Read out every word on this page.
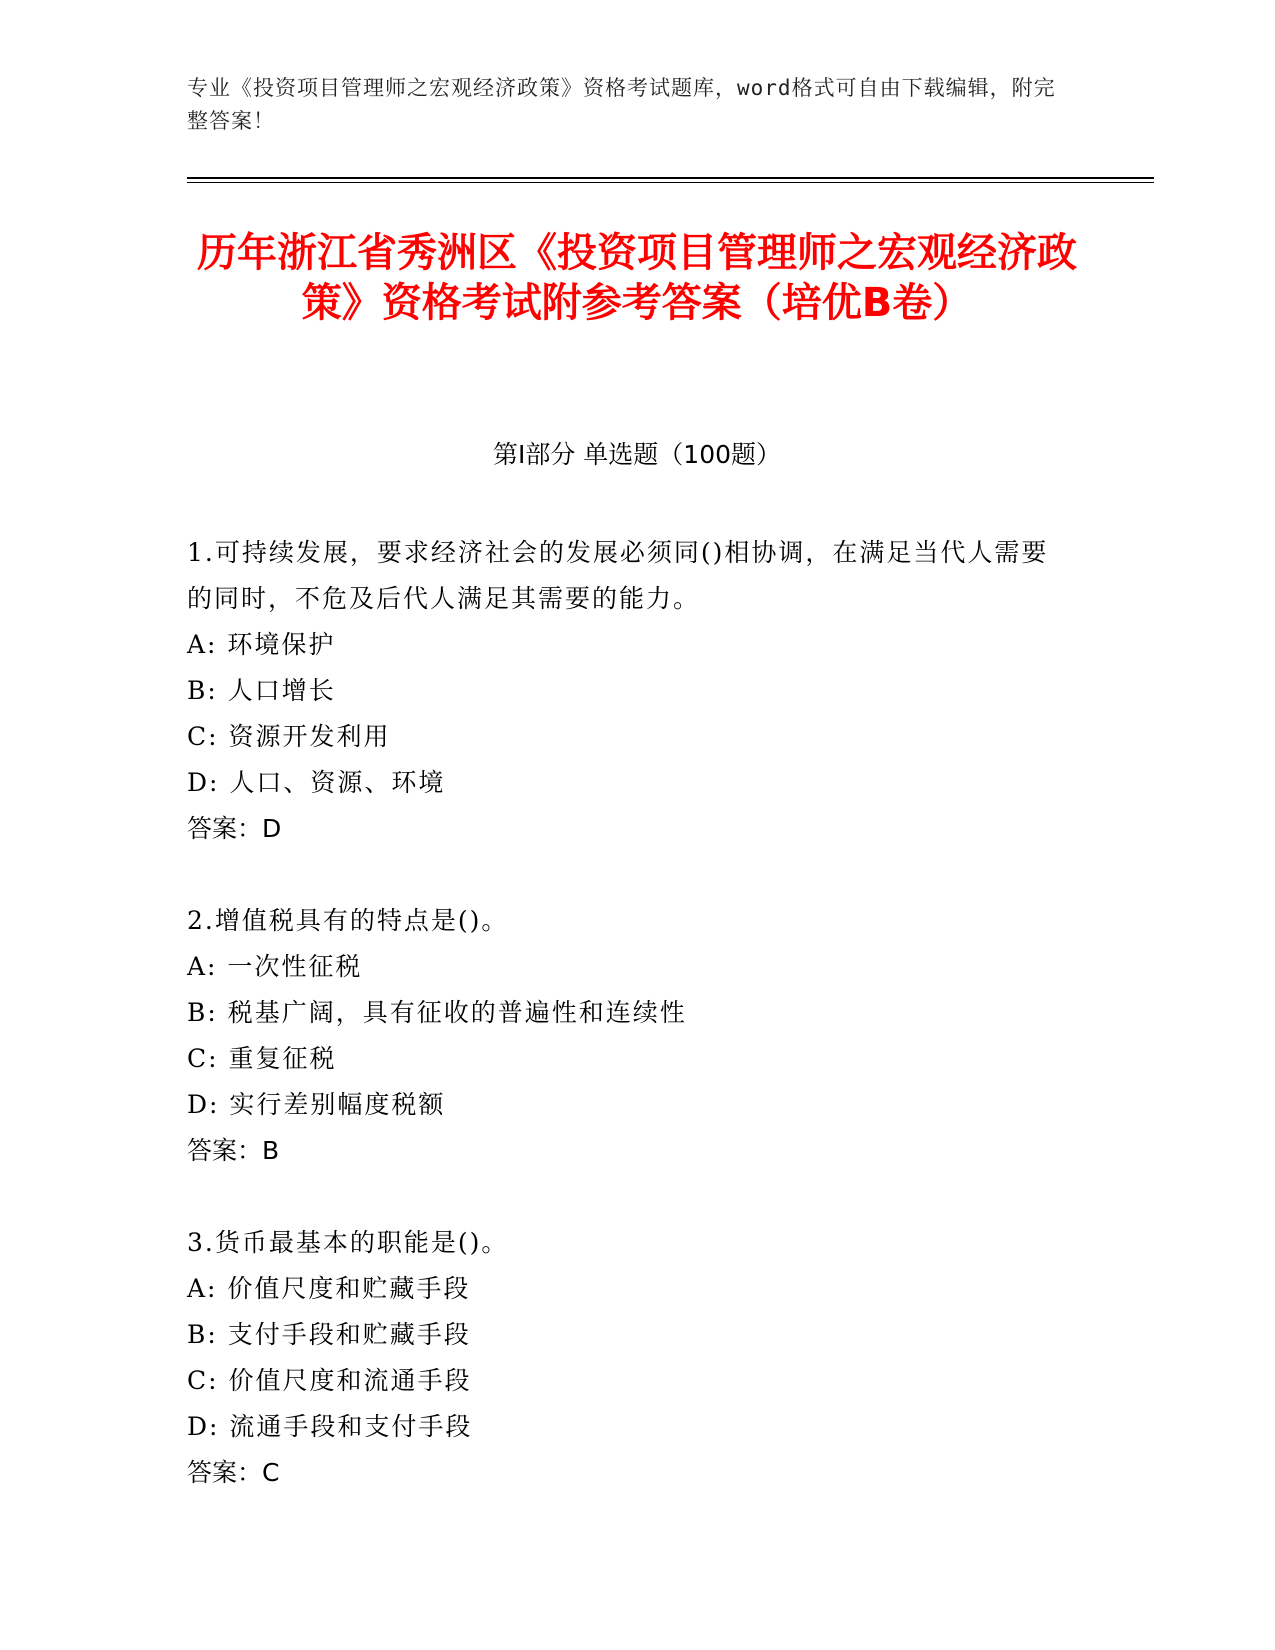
专业《投资项目管理师之宏观经济政策》资格考试题库，word格式可自由下载编辑，附完整答案！
历年浙江省秀洲区《投资项目管理师之宏观经济政策》资格考试附参考答案（培优B卷）
第I部分 单选题（100题）
1.可持续发展，要求经济社会的发展必须同()相协调，在满足当代人需要的同时，不危及后代人满足其需要的能力。
A: 环境保护
B: 人口增长
C: 资源开发利用
D: 人口、资源、环境
答案：D
2.增值税具有的特点是()。
A: 一次性征税
B: 税基广阔，具有征收的普遍性和连续性
C: 重复征税
D: 实行差别幅度税额
答案：B
3.货币最基本的职能是()。
A: 价值尺度和贮藏手段
B: 支付手段和贮藏手段
C: 价值尺度和流通手段
D: 流通手段和支付手段
答案：C
